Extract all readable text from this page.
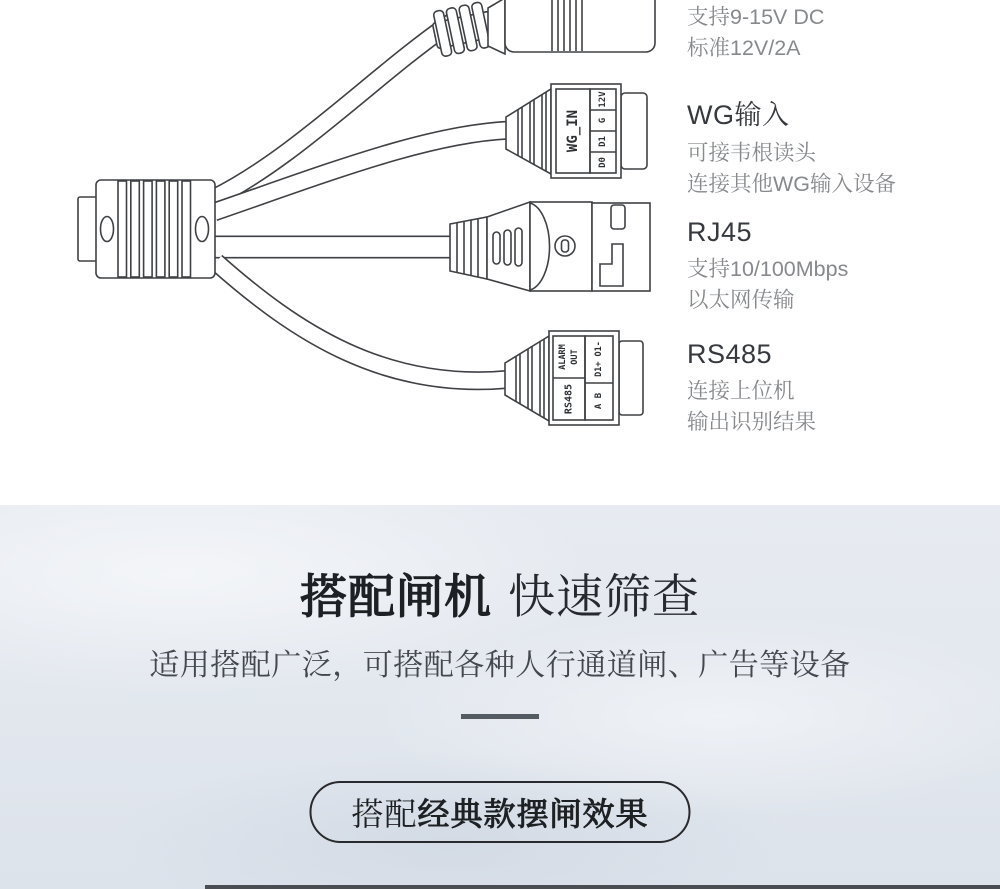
WG_IN
12V
G
D1
D0
ALARM OUT
RS485
D1+ O1-
A B
支持9-15V DC
标准12V/2A
WG输入
可接韦根读头
连接其他WG输入设备
RJ45
支持10/100Mbps
以太网传输
RS485
连接上位机
输出识别结果
搭配闸机 快速筛查
适用搭配广泛，可搭配各种人行通道闸、广告等设备
搭配 经典款摆闸效果
